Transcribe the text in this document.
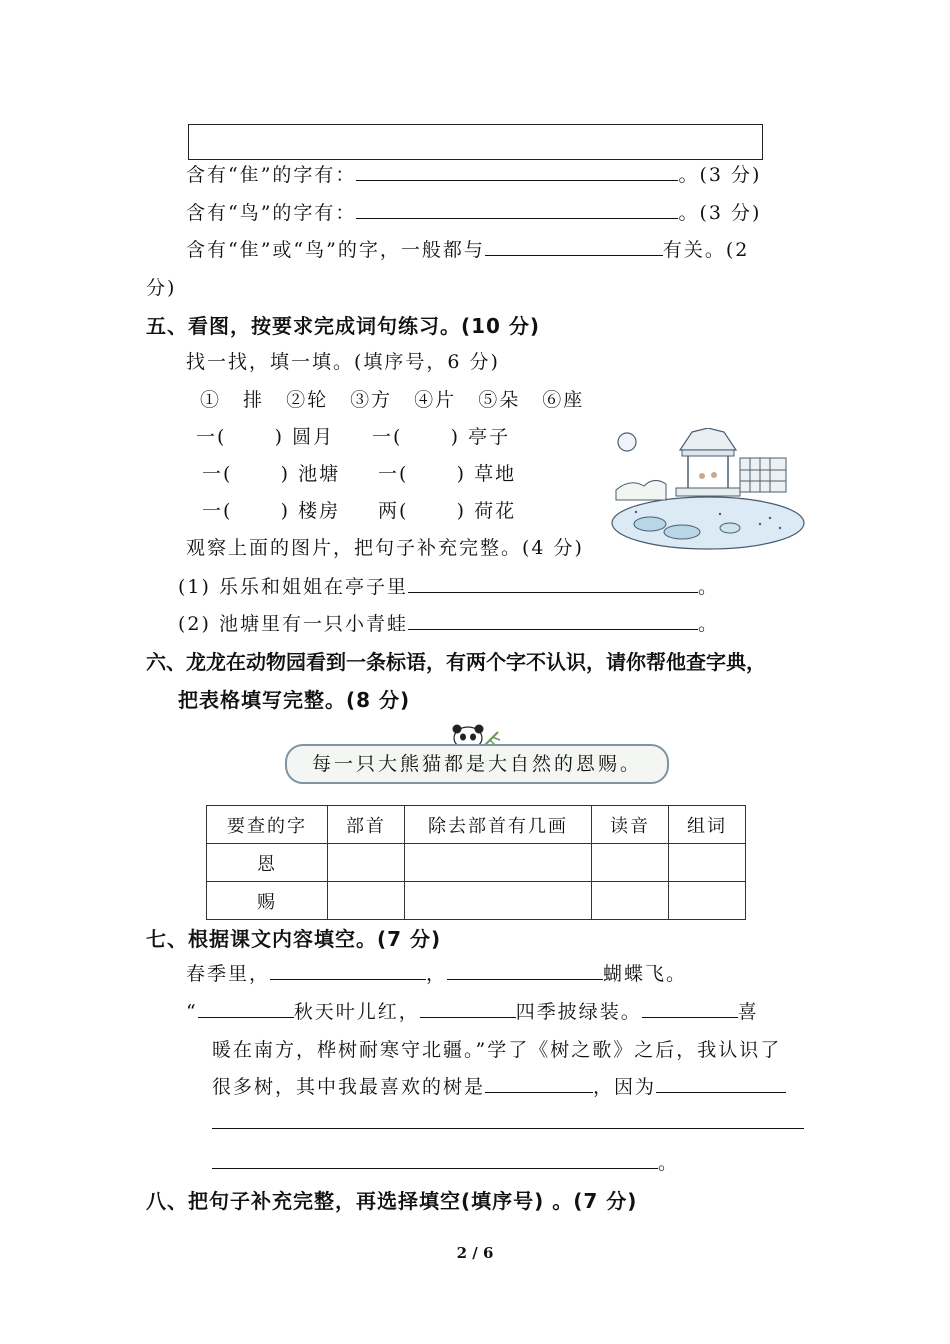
含有“隹”的字有：	。(3 分)
含有“鸟”的字有：	。(3 分)
含有“隹”或“鸟”的字，一般都与	有关。(2
分)
五、看图，按要求完成词句练习。(10 分)
找一找，填一填。(填序号，6 分)
① 排 ②轮 ③方 ④片 ⑤朵 ⑥座
一(      ) 圆月 一(      ) 亭子
一(      ) 池塘 一(      ) 草地
一(      ) 楼房 两(      ) 荷花
观察上面的图片，把句子补充完整。(4 分)
(1) 乐乐和姐姐在亭子里	。
(2) 池塘里有一只小青蛙	。
六、龙龙在动物园看到一条标语，有两个字不认识，请你帮他查字典，
把表格填写完整。(8 分)
每一只大熊猫都是大自然的恩赐。
要查的字	部首	除去部首有几画	读音	组词
恩				
赐				
七、根据课文内容填空。(7 分)
春季里，	，	蝴蝶飞。
“	秋天叶儿红，	四季披绿装。	喜
暖在南方，桦树耐寒守北疆。”学了《树之歌》之后，我认识了
很多树，其中我最喜欢的树是	，因为
。
八、把句子补充完整，再选择填空(填序号) 。(7 分)
2 / 6
